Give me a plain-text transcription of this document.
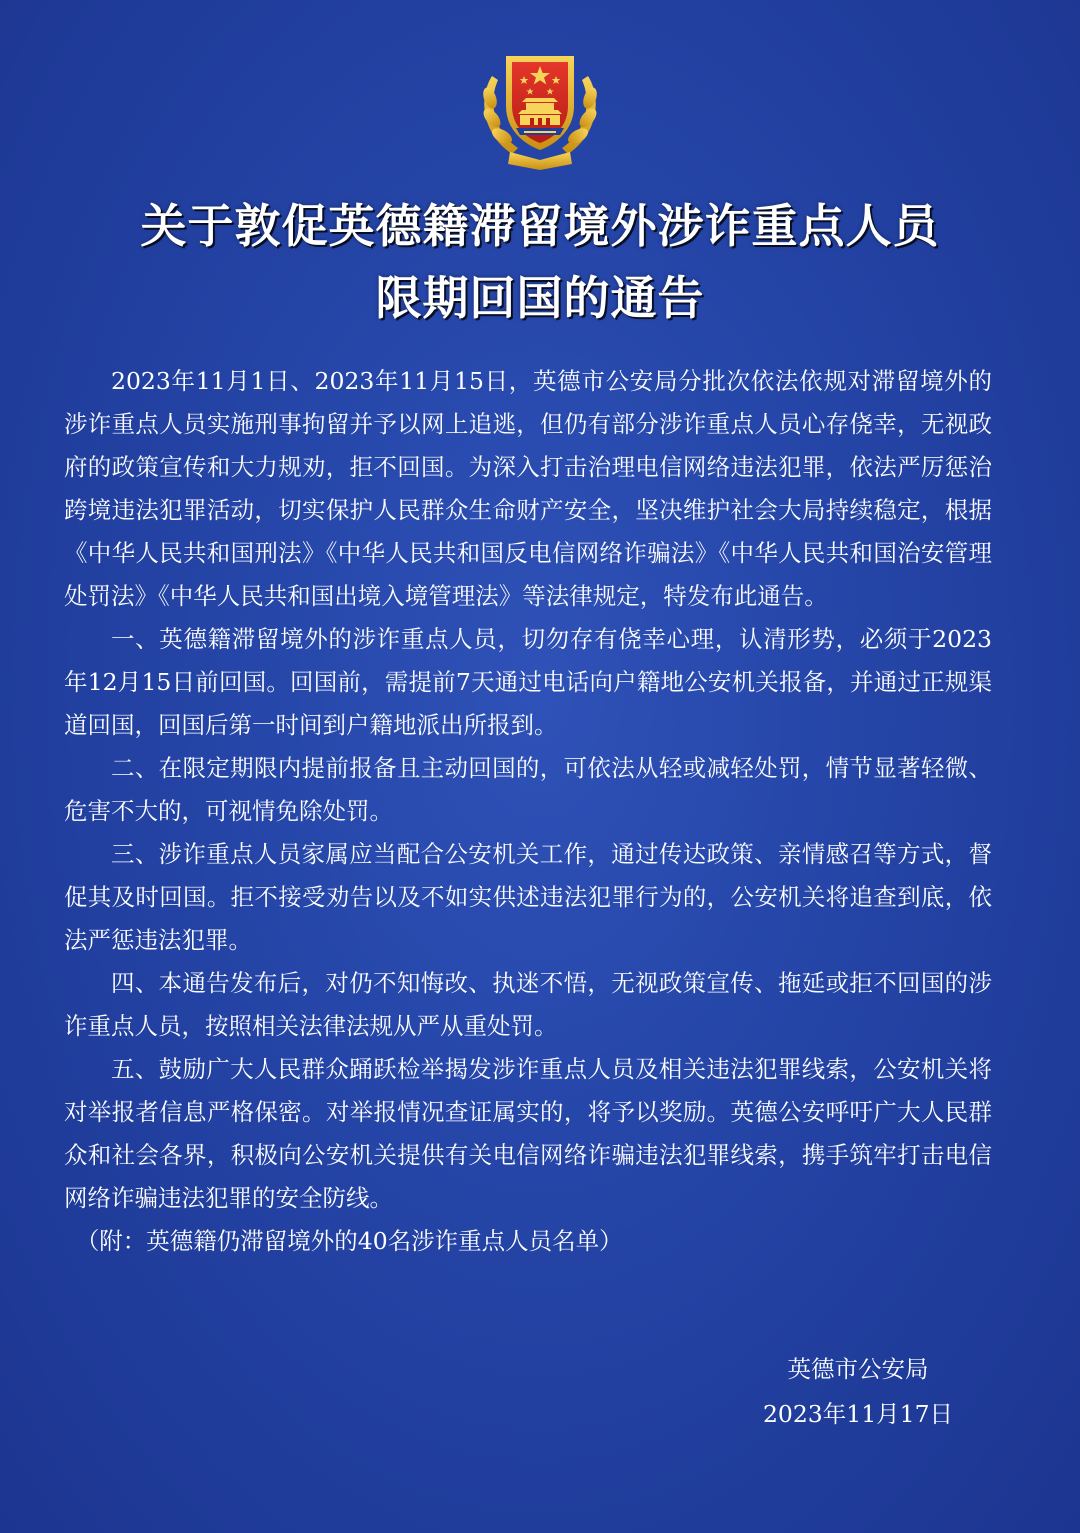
关于敦促英德籍滞留境外涉诈重点人员
限期回国的通告

2023年11月1日、2023年11月15日，英德市公安局分批次依法依规对滞留境外的涉诈重点人员实施刑事拘留并予以网上追逃，但仍有部分涉诈重点人员心存侥幸，无视政府的政策宣传和大力规劝，拒不回国。为深入打击治理电信网络违法犯罪，依法严厉惩治跨境违法犯罪活动，切实保护人民群众生命财产安全，坚决维护社会大局持续稳定，根据《中华人民共和国刑法》《中华人民共和国反电信网络诈骗法》《中华人民共和国治安管理处罚法》《中华人民共和国出境入境管理法》等法律规定，特发布此通告。

一、英德籍滞留境外的涉诈重点人员，切勿存有侥幸心理，认清形势，必须于2023年12月15日前回国。回国前，需提前7天通过电话向户籍地公安机关报备，并通过正规渠道回国，回国后第一时间到户籍地派出所报到。

二、在限定期限内提前报备且主动回国的，可依法从轻或减轻处罚，情节显著轻微、危害不大的，可视情免除处罚。

三、涉诈重点人员家属应当配合公安机关工作，通过传达政策、亲情感召等方式，督促其及时回国。拒不接受劝告以及不如实供述违法犯罪行为的，公安机关将追查到底，依法严惩违法犯罪。

四、本通告发布后，对仍不知悔改、执迷不悟，无视政策宣传、拖延或拒不回国的涉诈重点人员，按照相关法律法规从严从重处罚。

五、鼓励广大人民群众踊跃检举揭发涉诈重点人员及相关违法犯罪线索，公安机关将对举报者信息严格保密。对举报情况查证属实的，将予以奖励。英德公安呼吁广大人民群众和社会各界，积极向公安机关提供有关电信网络诈骗违法犯罪线索，携手筑牢打击电信网络诈骗违法犯罪的安全防线。

（附：英德籍仍滞留境外的40名涉诈重点人员名单）

英德市公安局
2023年11月17日
